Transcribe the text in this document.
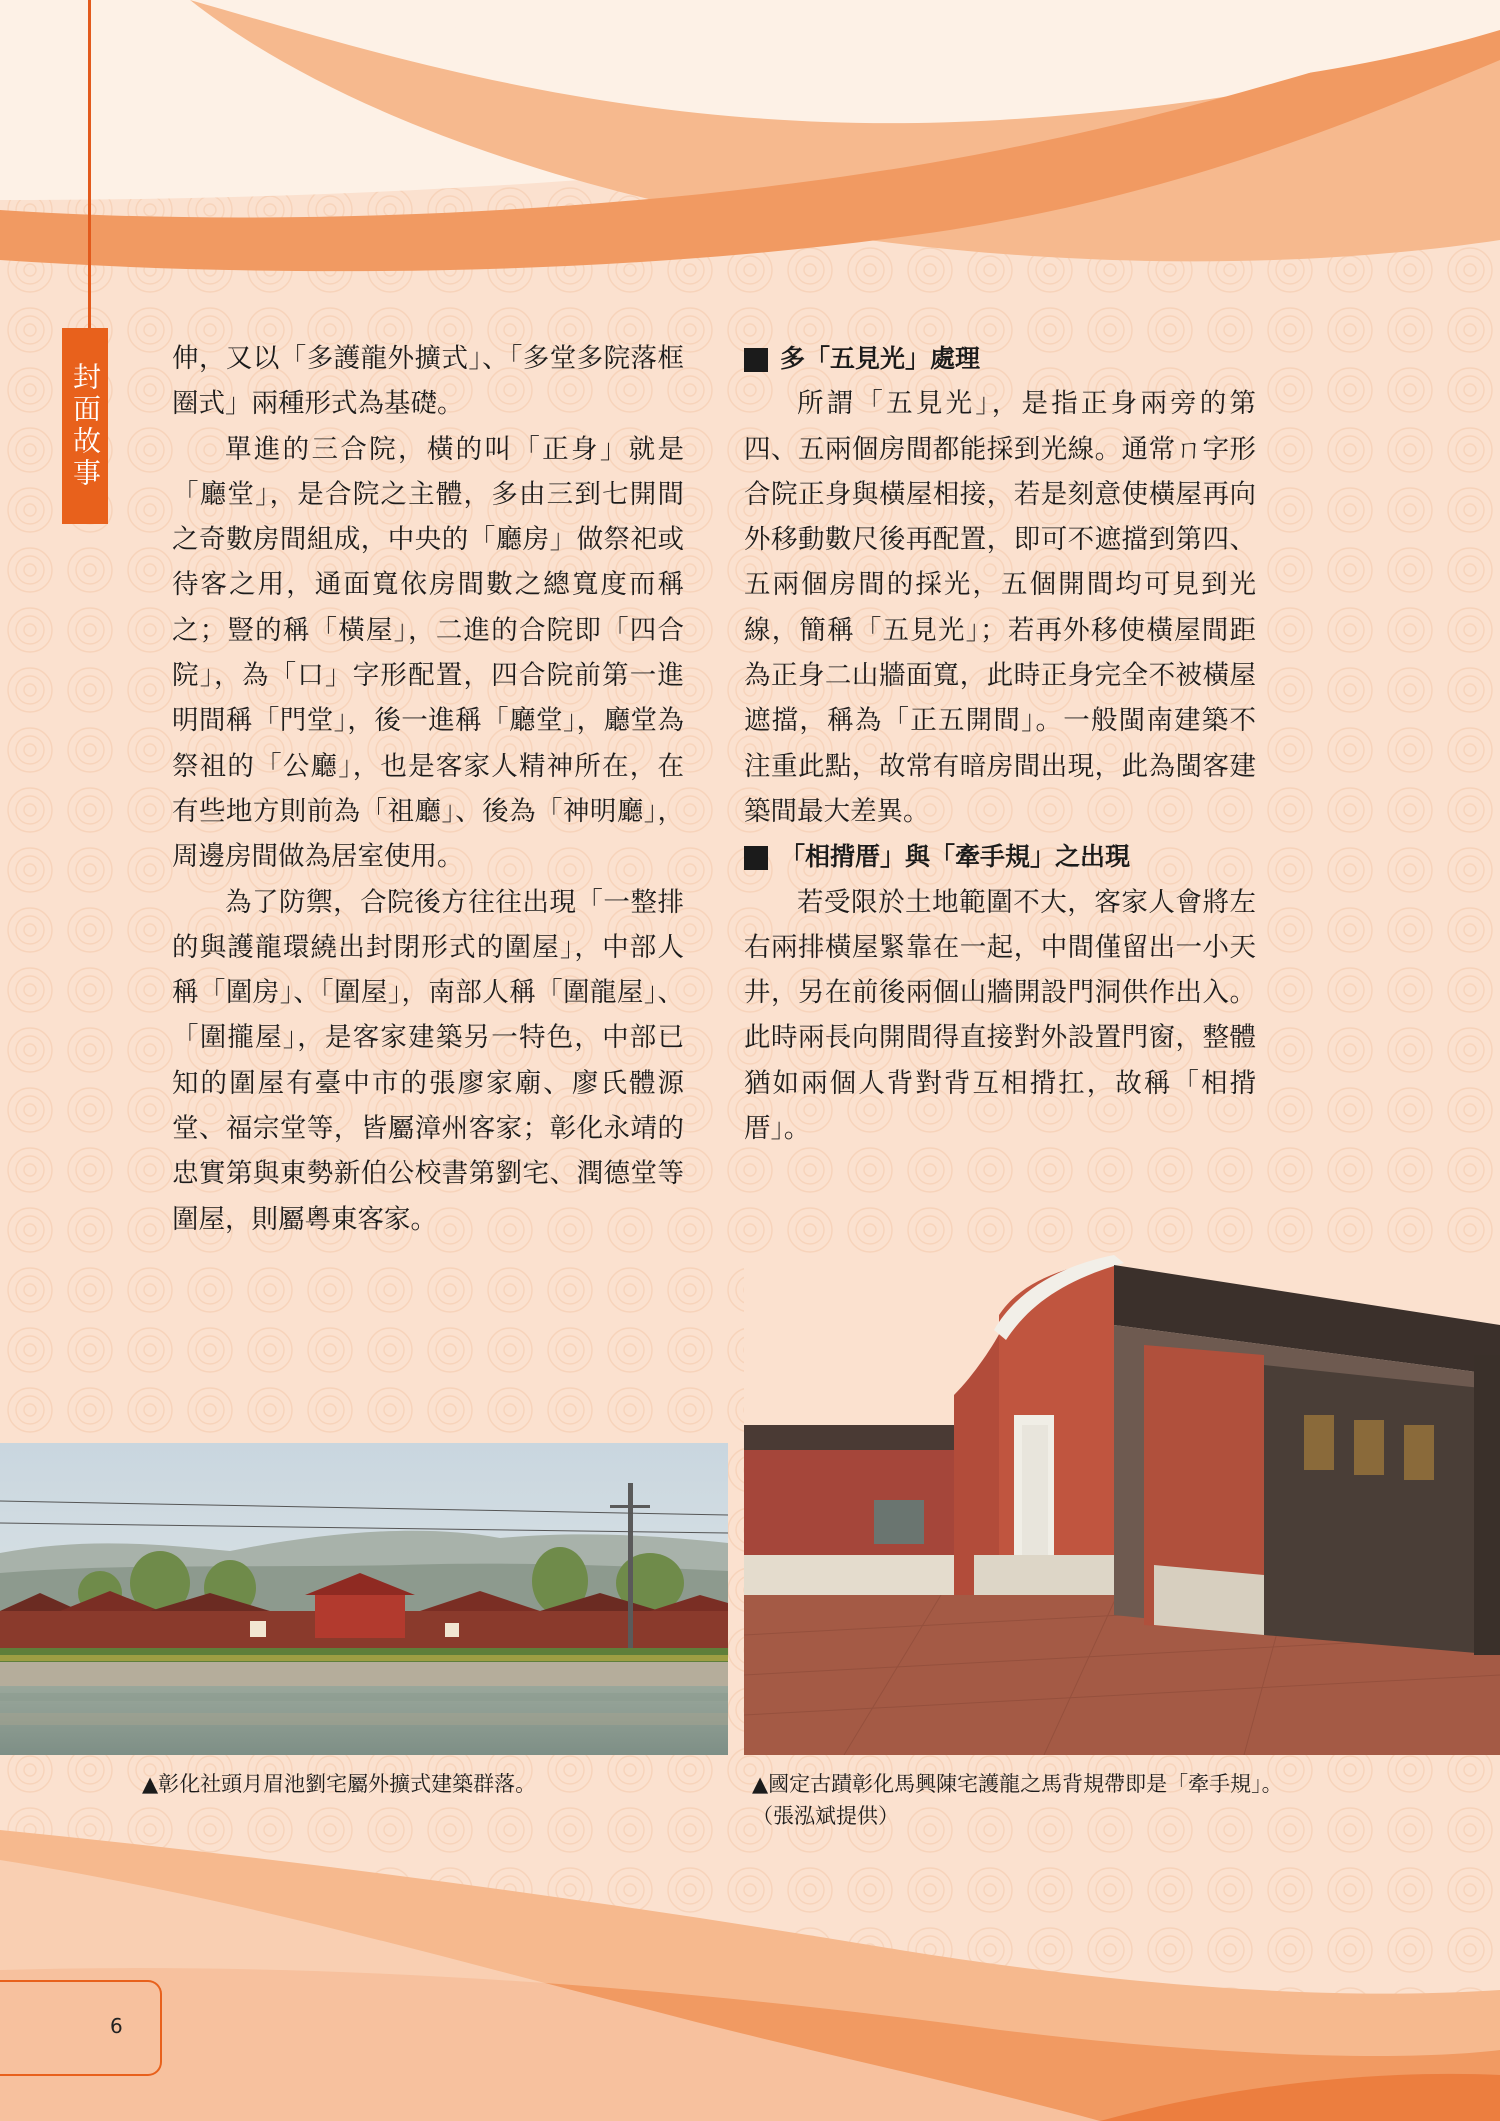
封面故事

伸，又以「多護龍外擴式」、「多堂多院落框圈式」兩種形式為基礎。

單進的三合院，橫的叫「正身」就是「廳堂」，是合院之主體，多由三到七開間之奇數房間組成，中央的「廳房」做祭祀或待客之用，通面寬依房間數之總寬度而稱之；豎的稱「橫屋」，二進的合院即「四合院」，為「口」字形配置，四合院前第一進明間稱「門堂」，後一進稱「廳堂」，廳堂為祭祖的「公廳」，也是客家人精神所在，在有些地方則前為「祖廳」、後為「神明廳」，周邊房間做為居室使用。

為了防禦，合院後方往往出現「一整排的與護龍環繞出封閉形式的圍屋」，中部人稱「圍房」、「圍屋」，南部人稱「圍龍屋」、「圍攏屋」，是客家建築另一特色，中部已知的圍屋有臺中市的張廖家廟、廖氏體源堂、福宗堂等，皆屬漳州客家；彰化永靖的忠實第與東勢新伯公校書第劉宅、潤德堂等圍屋，則屬粵東客家。

多「五見光」處理

所謂「五見光」，是指正身兩旁的第四、五兩個房間都能採到光線。通常ㄇ字形合院正身與橫屋相接，若是刻意使橫屋再向外移動數尺後再配置，即可不遮擋到第四、五兩個房間的採光，五個開間均可見到光線，簡稱「五見光」；若再外移使橫屋間距為正身二山牆面寬，此時正身完全不被橫屋遮擋，稱為「正五開間」。一般閩南建築不注重此點，故常有暗房間出現，此為閩客建築間最大差異。

「相揹厝」與「牽手規」之出現

若受限於土地範圍不大，客家人會將左右兩排橫屋緊靠在一起，中間僅留出一小天井，另在前後兩個山牆開設門洞供作出入。此時兩長向開間得直接對外設置門窗，整體猶如兩個人背對背互相揹扛，故稱「相揹厝」。

▲彰化社頭月眉池劉宅屬外擴式建築群落。	▲國定古蹟彰化馬興陳宅護龍之馬背規帶即是「牽手規」。（張泓斌提供）
6
